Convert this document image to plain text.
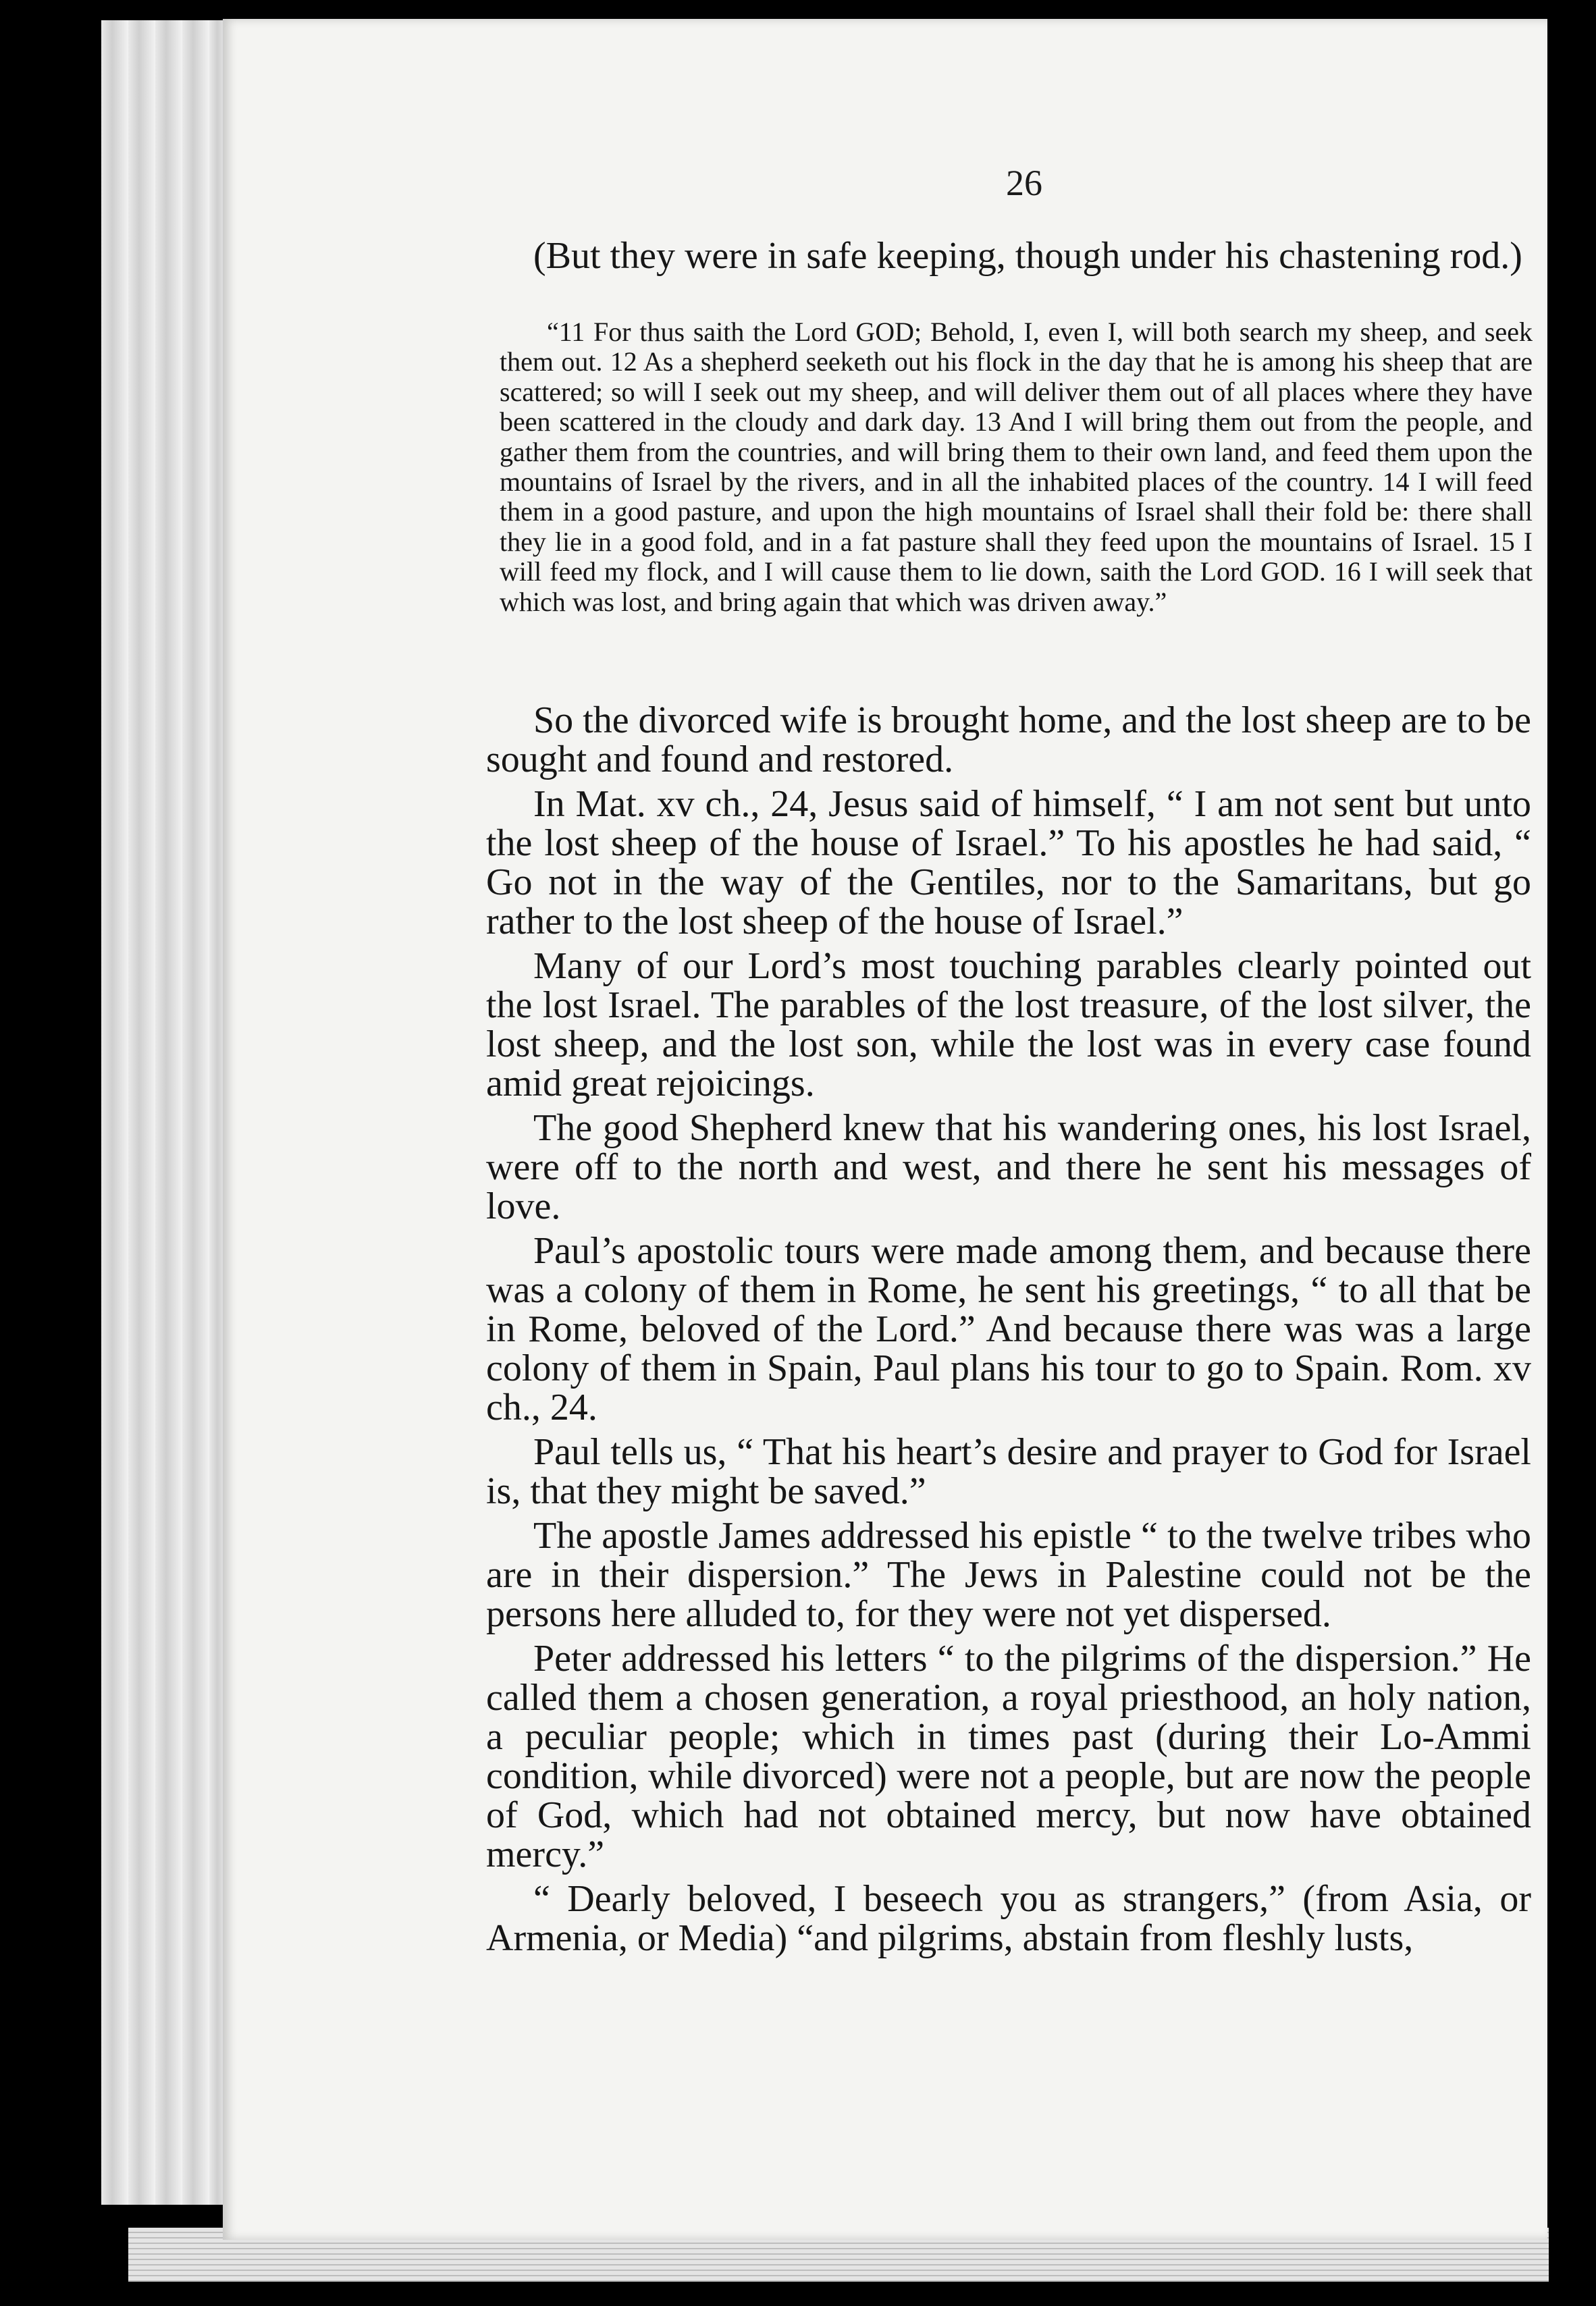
26

(But they were in safe keeping, though under his chastening rod.)

“11 For thus saith the Lord GOD; Behold, I, even I, will both search my sheep, and seek them out. 12 As a shepherd seeketh out his flock in the day that he is among his sheep that are scattered; so will I seek out my sheep, and will deliver them out of all places where they have been scattered in the cloudy and dark day. 13 And I will bring them out from the people, and gather them from the countries, and will bring them to their own land, and feed them upon the mountains of Israel by the rivers, and in all the inhabited places of the country. 14 I will feed them in a good pasture, and upon the high mountains of Israel shall their fold be: there shall they lie in a good fold, and in a fat pasture shall they feed upon the mountains of Israel. 15 I will feed my flock, and I will cause them to lie down, saith the Lord GOD. 16 I will seek that which was lost, and bring again that which was driven away.”

So the divorced wife is brought home, and the lost sheep are to be sought and found and restored.

In Mat. xv ch., 24, Jesus said of himself, “ I am not sent but unto the lost sheep of the house of Israel.” To his apostles he had said, “ Go not in the way of the Gentiles, nor to the Samaritans, but go rather to the lost sheep of the house of Israel.”

Many of our Lord’s most touching parables clearly pointed out the lost Israel. The parables of the lost treasure, of the lost silver, the lost sheep, and the lost son, while the lost was in every case found amid great rejoicings.

The good Shepherd knew that his wandering ones, his lost Israel, were off to the north and west, and there he sent his messages of love.

Paul’s apostolic tours were made among them, and because there was a colony of them in Rome, he sent his greetings, “ to all that be in Rome, beloved of the Lord.” And because there was was a large colony of them in Spain, Paul plans his tour to go to Spain. Rom. xv ch., 24.

Paul tells us, “ That his heart’s desire and prayer to God for Israel is, that they might be saved.”

The apostle James addressed his epistle “ to the twelve tribes who are in their dispersion.” The Jews in Palestine could not be the persons here alluded to, for they were not yet dispersed.

Peter addressed his letters “ to the pilgrims of the dispersion.” He called them a chosen generation, a royal priesthood, an holy nation, a peculiar people; which in times past (during their Lo-Ammi condition, while divorced) were not a people, but are now the people of God, which had not obtained mercy, but now have obtained mercy.”

“ Dearly beloved, I beseech you as strangers,” (from Asia, or Armenia, or Media) “and pilgrims, abstain from fleshly lusts,
